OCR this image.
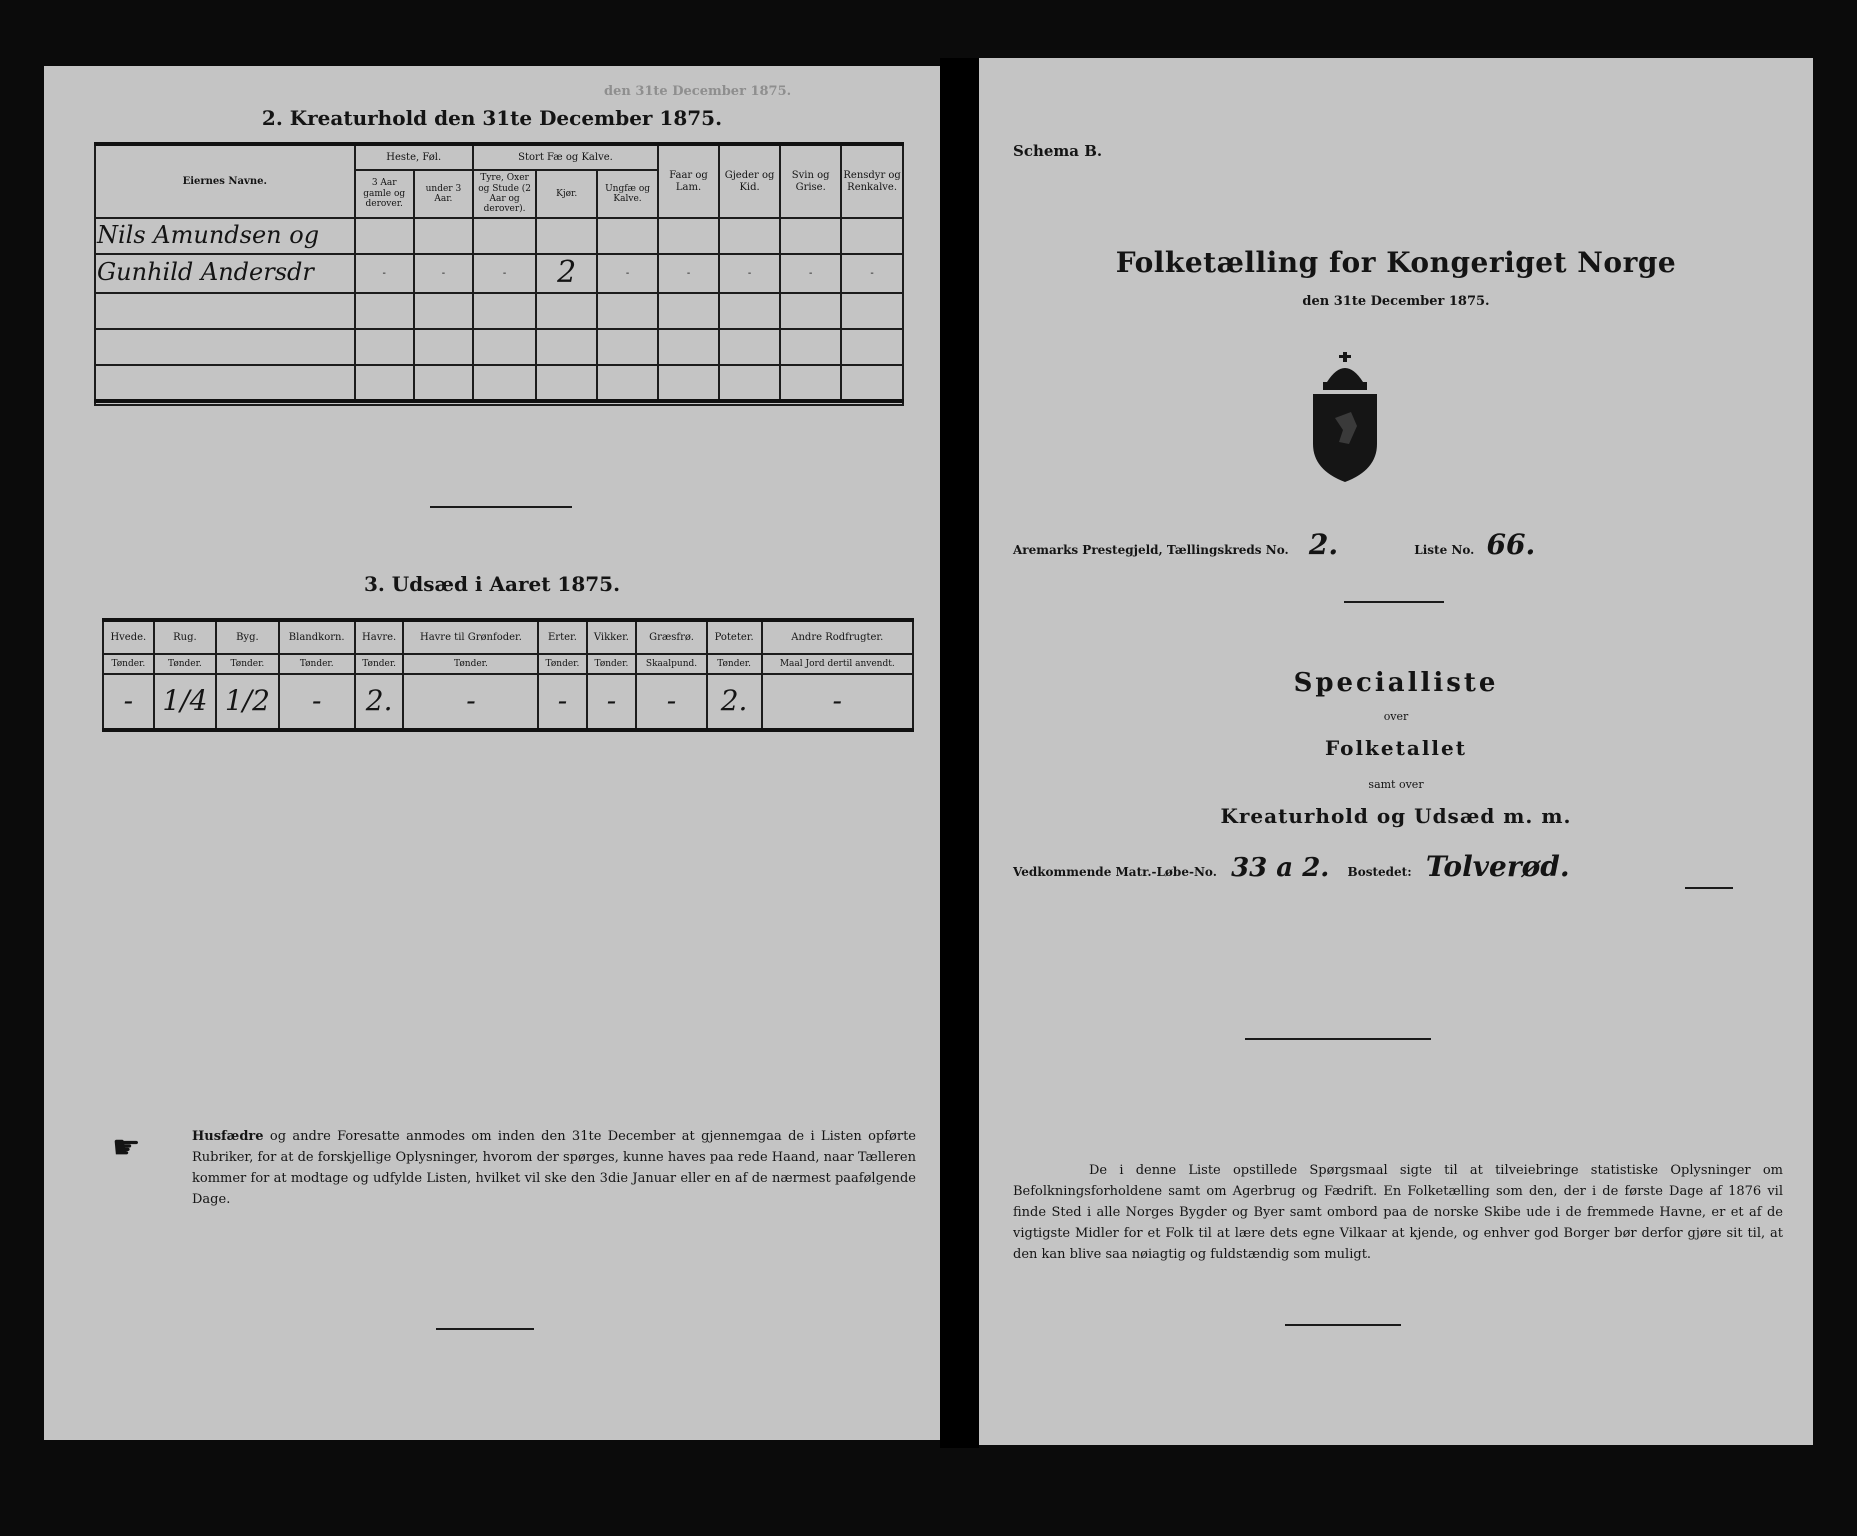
den 31te December 1875.
2. Kreaturhold den 31te December 1875.
Eiernes Navne.	Heste, Føl.		Stort Fæ og Kalve.			Faar og Lam.	Gjeder og Kid.	Svin og Grise.	Rensdyr og Renkalve.
	3 Aar gamle og derover.	under 3 Aar.	Tyre, Oxer og Stude (2 Aar og derover).	Kjør.	Ungfæ og Kalve.				
Nils Amundsen og									
Gunhild Andersdr	-	-	-	2	-	-	-	-	-

3. Udsæd i Aaret 1875.
Hvede.	Rug.	Byg.	Blandkorn.	Havre.	Havre til Grønfoder.	Erter.	Vikker.	Græsfrø.	Poteter.	Andre Rodfrugter.
Tønder.	Tønder.	Tønder.	Tønder.	Tønder.	Tønder.	Tønder.	Tønder.	Skaalpund.	Tønder.	Maal Jord dertil anvendt.
-	1/4	1/2	-	2.	-	-	-	-	2.	-
☛	Husfædre og andre Foresatte anmodes om inden den 31te December at gjennemgaa de i Listen opførte Rubriker, for at de forskjellige Oplysninger, hvorom der spørges, kunne haves paa rede Haand, naar Tælleren kommer for at modtage og udfylde Listen, hvilket vil ske den 3die Januar eller en af de nærmest paafølgende Dage.
Schema B.
Folketælling for Kongeriget Norge
den 31te December 1875.
Aremarks Prestegjeld, Tællingskreds No. 2.	Liste No. 66.
Specialliste
over
Folketallet
samt over
Kreaturhold og Udsæd m. m.
Vedkommende Matr.-Løbe-No. 33 a 2. Bostedet: Tolverød.
De i denne Liste opstillede Spørgsmaal sigte til at tilveiebringe statistiske Oplysninger om Befolkningsforholdene samt om Agerbrug og Fædrift. En Folketælling som den, der i de første Dage af 1876 vil finde Sted i alle Norges Bygder og Byer samt ombord paa de norske Skibe ude i de fremmede Havne, er et af de vigtigste Midler for et Folk til at lære dets egne Vilkaar at kjende, og enhver god Borger bør derfor gjøre sit til, at den kan blive saa nøiagtig og fuldstændig som muligt.
